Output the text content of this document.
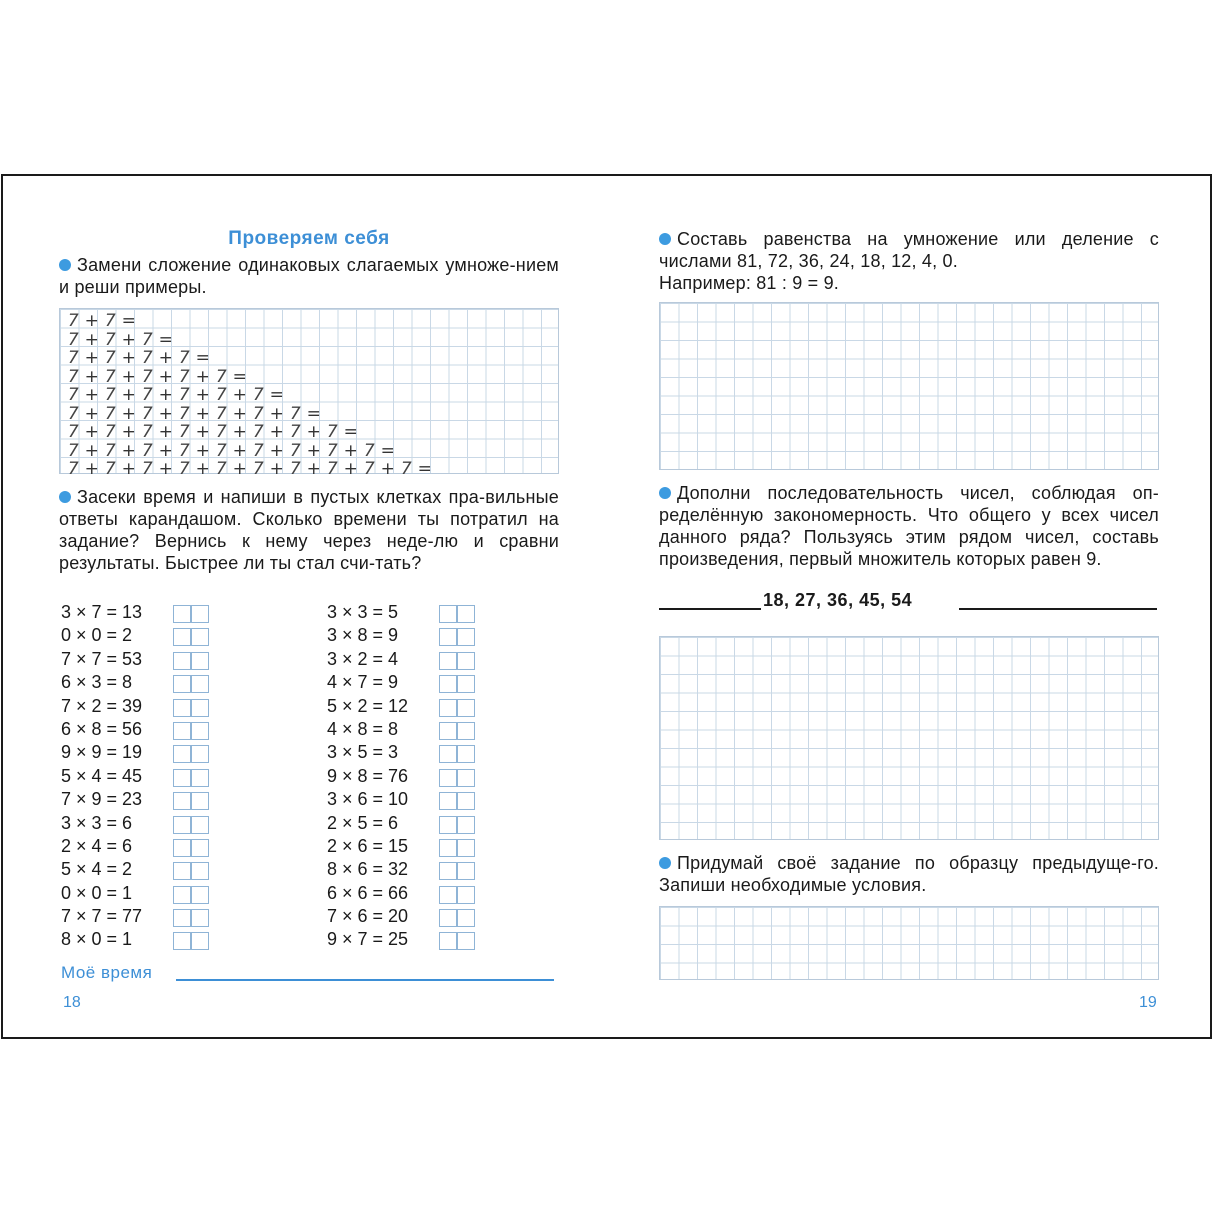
Проверяем себя
Замени сложение одинаковых слагаемых умноже-нием и реши примеры.
7 + 7 =
7 + 7 + 7 =
7 + 7 + 7 + 7 =
7 + 7 + 7 + 7 + 7 =
7 + 7 + 7 + 7 + 7 + 7 =
7 + 7 + 7 + 7 + 7 + 7 + 7 =
7 + 7 + 7 + 7 + 7 + 7 + 7 + 7 =
7 + 7 + 7 + 7 + 7 + 7 + 7 + 7 + 7 =
7 + 7 + 7 + 7 + 7 + 7 + 7 + 7 + 7 + 7 =
Засеки время и напиши в пустых клетках пра-вильные ответы карандашом. Сколько времени ты потратил на задание? Вернись к нему через неде-лю и сравни результаты. Быстрее ли ты стал счи-тать?
3 × 7 = 13
0 × 0 = 2
7 × 7 = 53
6 × 3 = 8
7 × 2 = 39
6 × 8 = 56
9 × 9 = 19
5 × 4 = 45
7 × 9 = 23
3 × 3 = 6
2 × 4 = 6
5 × 4 = 2
0 × 0 = 1
7 × 7 = 77
8 × 0 = 1
3 × 3 = 5
3 × 8 = 9
3 × 2 = 4
4 × 7 = 9
5 × 2 = 12
4 × 8 = 8
3 × 5 = 3
9 × 8 = 76
3 × 6 = 10
2 × 5 = 6
2 × 6 = 15
8 × 6 = 32
6 × 6 = 66
7 × 6 = 20
9 × 7 = 25
Моё время
18
Составь равенства на умножение или деление с числами 81, 72, 36, 24, 18, 12, 4, 0.
Например: 81 : 9 = 9.
Дополни последовательность чисел, соблюдая оп-ределённую закономерность. Что общего у всех чисел данного ряда? Пользуясь этим рядом чисел, составь произведения, первый множитель которых равен 9.
18, 27, 36, 45, 54
Придумай своё задание по образцу предыдуще-го. Запиши необходимые условия.
19
